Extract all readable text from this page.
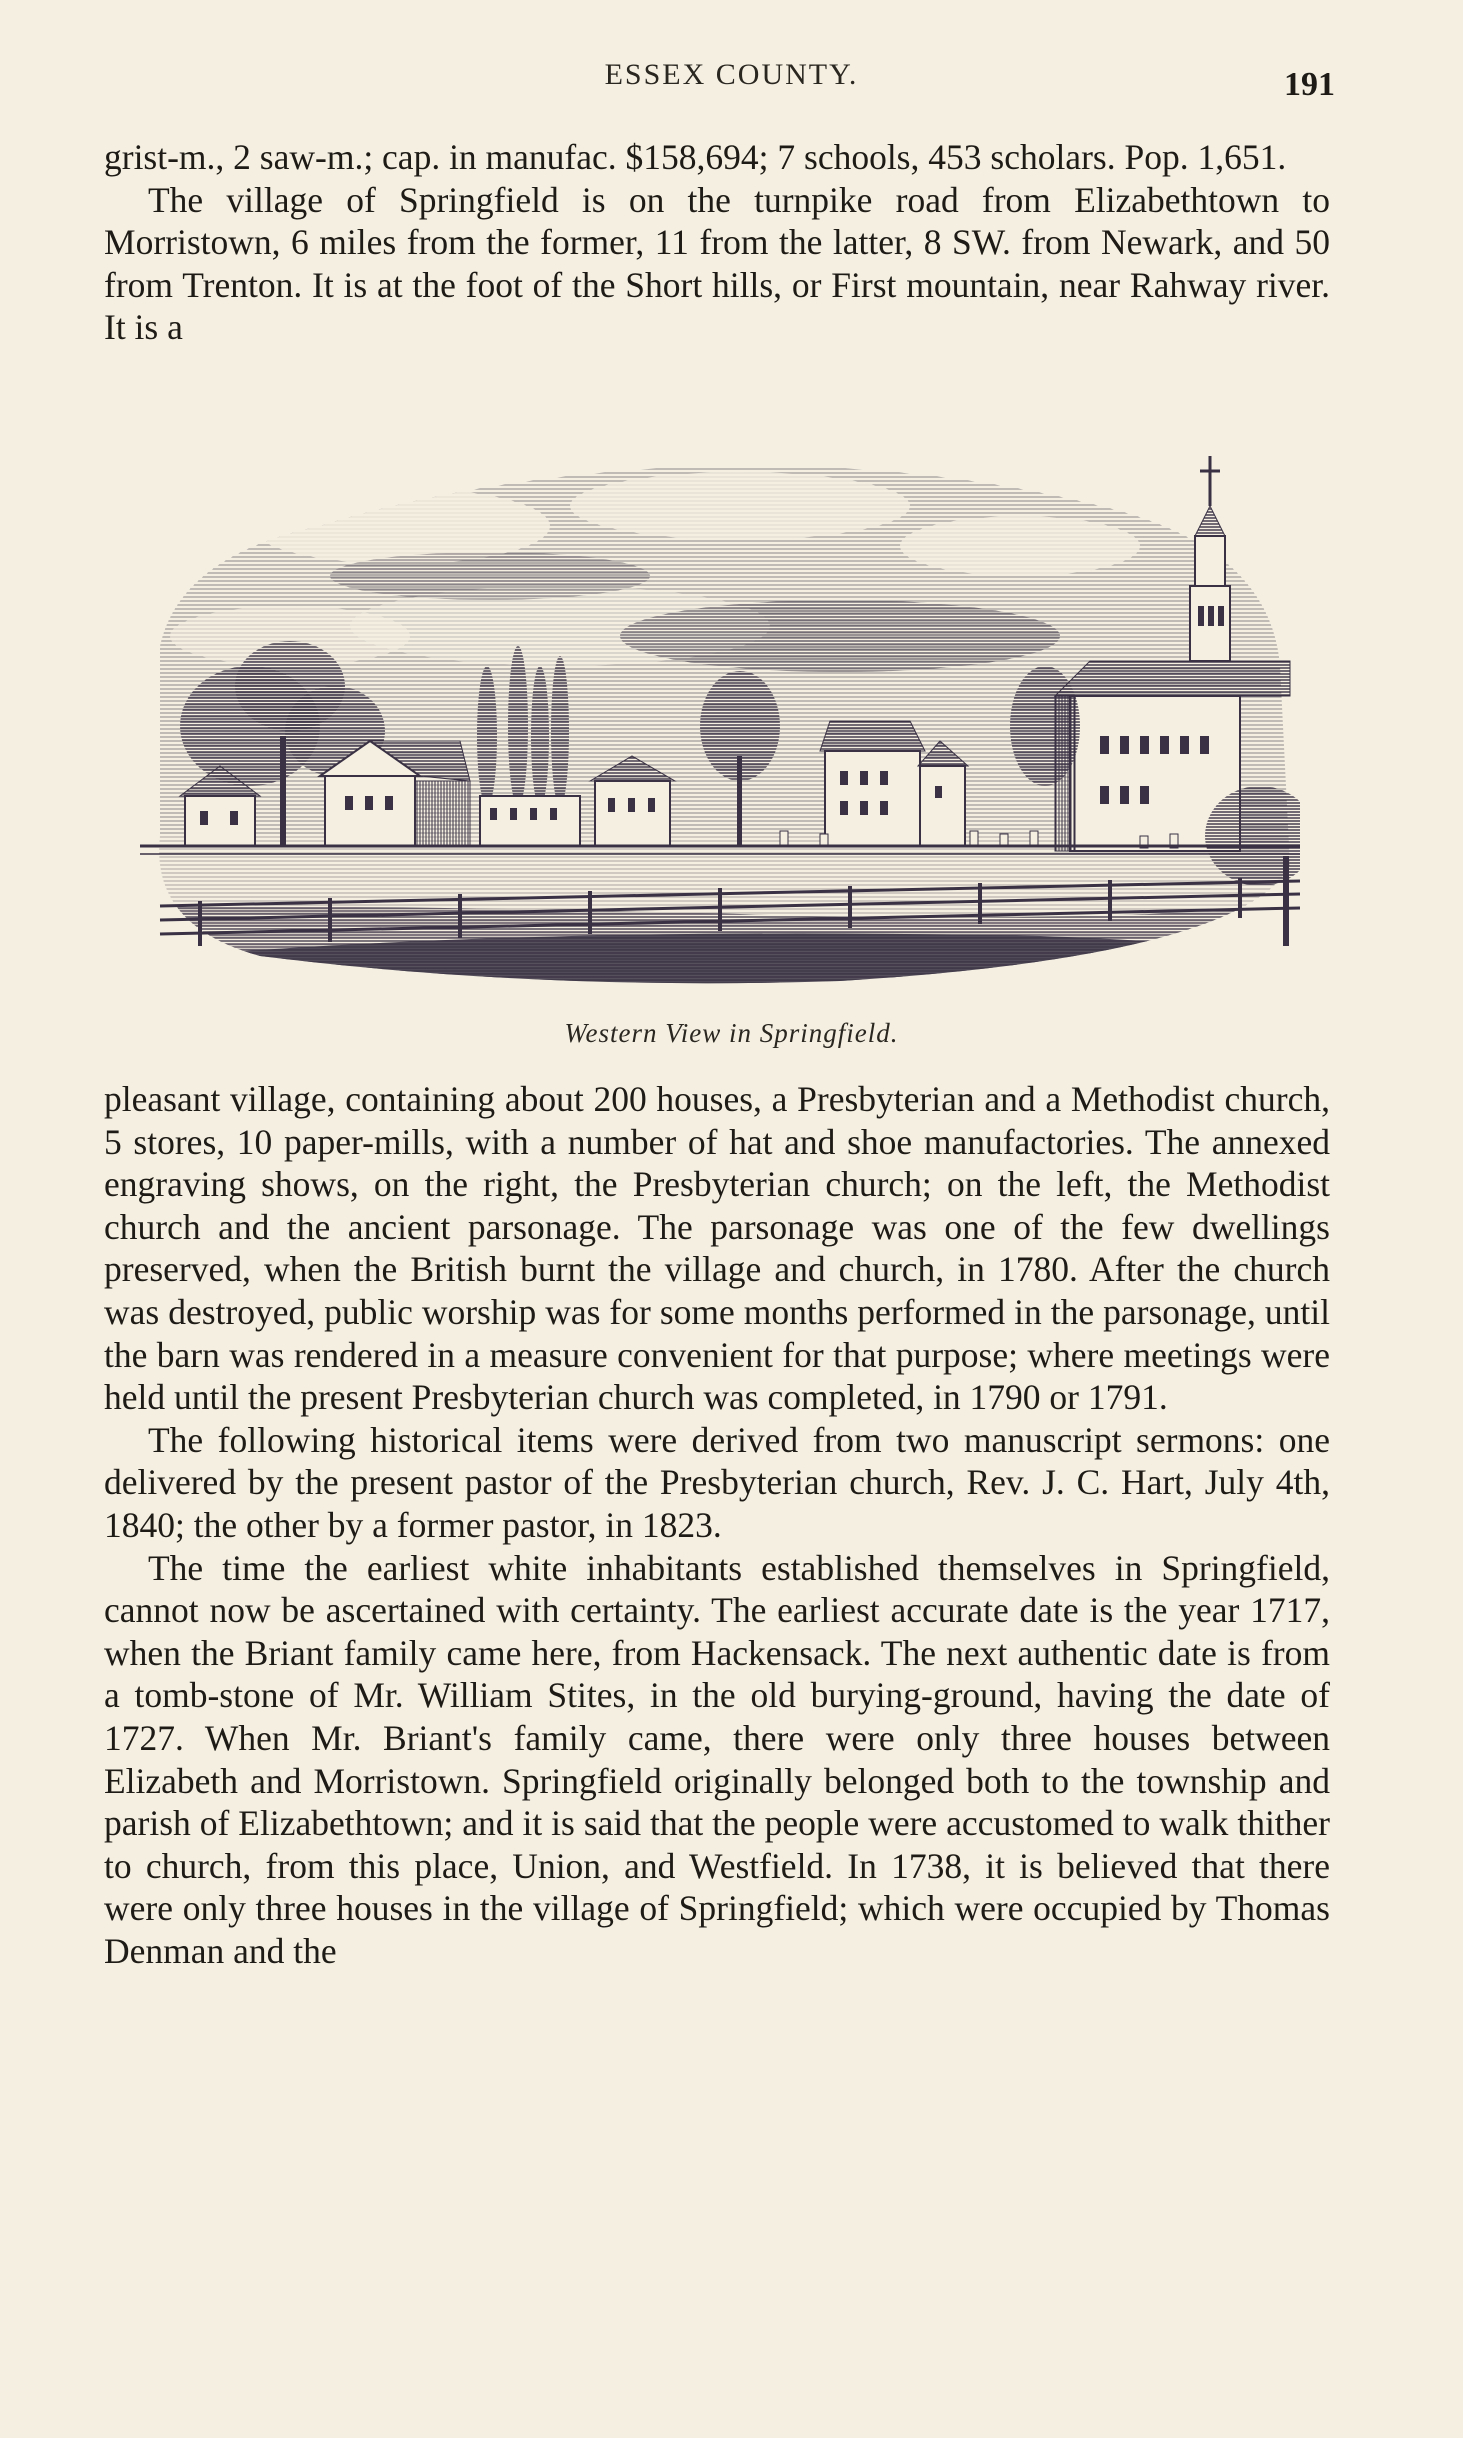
ESSEX COUNTY.	191

grist-m., 2 saw-m.; cap. in manufac. $158,694; 7 schools, 453 scholars. Pop. 1,651.

The village of Springfield is on the turnpike road from Elizabethtown to Morristown, 6 miles from the former, 11 from the latter, 8 SW. from Newark, and 50 from Trenton. It is at the foot of the Short hills, or First mountain, near Rahway river. It is a

Western View in Springfield.

pleasant village, containing about 200 houses, a Presbyterian and a Methodist church, 5 stores, 10 paper-mills, with a number of hat and shoe manufactories. The annexed engraving shows, on the right, the Presbyterian church; on the left, the Methodist church and the ancient parsonage. The parsonage was one of the few dwellings preserved, when the British burnt the village and church, in 1780. After the church was destroyed, public worship was for some months performed in the parsonage, until the barn was rendered in a measure convenient for that purpose; where meetings were held until the present Presbyterian church was completed, in 1790 or 1791.

The following historical items were derived from two manuscript sermons: one delivered by the present pastor of the Presbyterian church, Rev. J. C. Hart, July 4th, 1840; the other by a former pastor, in 1823.

The time the earliest white inhabitants established themselves in Springfield, cannot now be ascertained with certainty. The earliest accurate date is the year 1717, when the Briant family came here, from Hackensack. The next authentic date is from a tomb-stone of Mr. William Stites, in the old burying-ground, having the date of 1727. When Mr. Briant's family came, there were only three houses between Elizabeth and Morristown. Springfield originally belonged both to the township and parish of Elizabethtown; and it is said that the people were accustomed to walk thither to church, from this place, Union, and Westfield. In 1738, it is believed that there were only three houses in the village of Springfield; which were occupied by Thomas Denman and the
